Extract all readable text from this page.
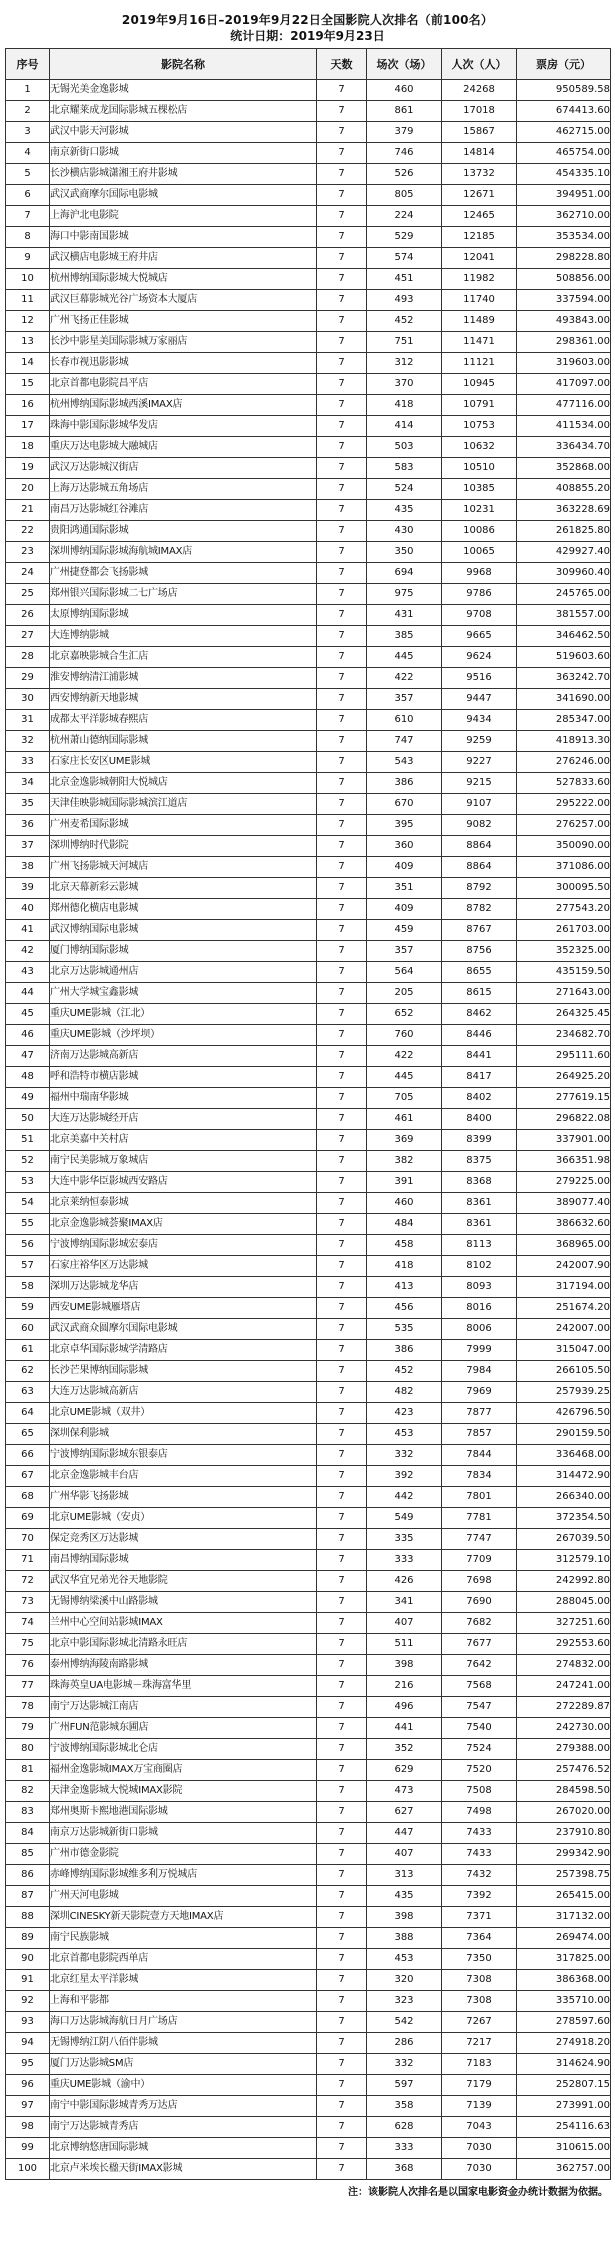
2019年9月16日–2019年9月22日全国影院人次排名（前100名）
统计日期：2019年9月23日
序号	影院名称	天数	场次（场）	人次（人）	票房（元）
1	无锡光美金逸影城	7	460	24268	950589.58
2	北京耀莱成龙国际影城五棵松店	7	861	17018	674413.60
3	武汉中影天河影城	7	379	15867	462715.00
4	南京新街口影城	7	746	14814	465754.00
5	长沙横店影城潇湘王府井影城	7	526	13732	454335.10
6	武汉武商摩尔国际电影城	7	805	12671	394951.00
7	上海沪北电影院	7	224	12465	362710.00
8	海口中影南国影城	7	529	12185	353534.00
9	武汉横店电影城王府井店	7	574	12041	298228.80
10	杭州博纳国际影城大悦城店	7	451	11982	508856.00
11	武汉巨幕影城光谷广场资本大厦店	7	493	11740	337594.00
12	广州飞扬正佳影城	7	452	11489	493843.00
13	长沙中影星美国际影城万家丽店	7	751	11471	298361.00
14	长春市视迅影影城	7	312	11121	319603.00
15	北京首都电影院昌平店	7	370	10945	417097.00
16	杭州博纳国际影城西溪IMAX店	7	418	10791	477116.00
17	珠海中影国际影城华发店	7	414	10753	411534.00
18	重庆万达电影城大融城店	7	503	10632	336434.70
19	武汉万达影城汉街店	7	583	10510	352868.00
20	上海万达影城五角场店	7	524	10385	408855.20
21	南昌万达影城红谷滩店	7	435	10231	363228.69
22	贵阳鸿通国际影城	7	430	10086	261825.80
23	深圳博纳国际影城海航城IMAX店	7	350	10065	429927.40
24	广州捷登都会飞扬影城	7	694	9968	309960.40
25	郑州银兴国际影城二七广场店	7	975	9786	245765.00
26	太原博纳国际影城	7	431	9708	381557.00
27	大连博纳影城	7	385	9665	346462.50
28	北京嘉映影城合生汇店	7	445	9624	519603.60
29	淮安博纳清江浦影城	7	422	9516	363242.70
30	西安博纳新天地影城	7	357	9447	341690.00
31	成都太平洋影城春熙店	7	610	9434	285347.00
32	杭州萧山德纳国际影城	7	747	9259	418913.30
33	石家庄长安区UME影城	7	543	9227	276246.00
34	北京金逸影城朝阳大悦城店	7	386	9215	527833.60
35	天津佳映影城国际影城滨江道店	7	670	9107	295222.00
36	广州麦希国际影城	7	395	9082	276257.00
37	深圳博纳时代影院	7	360	8864	350090.00
38	广州飞扬影城天河城店	7	409	8864	371086.00
39	北京天幕新彩云影城	7	351	8792	300095.50
40	郑州德化横店电影城	7	409	8782	277543.20
41	武汉博纳国际电影城	7	459	8767	261703.00
42	厦门博纳国际影城	7	357	8756	352325.00
43	北京万达影城通州店	7	564	8655	435159.50
44	广州大学城宝鑫影城	7	205	8615	271643.00
45	重庆UME影城（江北）	7	652	8462	264325.45
46	重庆UME影城（沙坪坝）	7	760	8446	234682.70
47	济南万达影城高新店	7	422	8441	295111.60
48	呼和浩特市横店影城	7	445	8417	264925.20
49	福州中瑞南华影城	7	705	8402	277619.15
50	大连万达影城经开店	7	461	8400	296822.08
51	北京美嘉中关村店	7	369	8399	337901.00
52	南宁民美影城万象城店	7	382	8375	366351.98
53	大连中影华臣影城西安路店	7	391	8368	279225.00
54	北京莱纳恒泰影城	7	460	8361	389077.40
55	北京金逸影城荟聚IMAX店	7	484	8361	386632.60
56	宁波博纳国际影城宏泰店	7	458	8113	368965.00
57	石家庄裕华区万达影城	7	418	8102	242007.90
58	深圳万达影城龙华店	7	413	8093	317194.00
59	西安UME影城雁塔店	7	456	8016	251674.20
60	武汉武商众圆摩尔国际电影城	7	535	8006	242007.00
61	北京卓华国际影城学清路店	7	386	7999	315047.00
62	长沙芒果博纳国际影城	7	452	7984	266105.50
63	大连万达影城高新店	7	482	7969	257939.25
64	北京UME影城（双井）	7	423	7877	426796.50
65	深圳保利影城	7	453	7857	290159.50
66	宁波博纳国际影城东银泰店	7	332	7844	336468.00
67	北京金逸影城丰台店	7	392	7834	314472.90
68	广州华影飞扬影城	7	442	7801	266340.00
69	北京UME影城（安贞）	7	549	7781	372354.50
70	保定竞秀区万达影城	7	335	7747	267039.50
71	南昌博纳国际影城	7	333	7709	312579.10
72	武汉华宜兄弟光谷天地影院	7	426	7698	242992.80
73	无锡博纳梁溪中山路影城	7	341	7690	288045.00
74	兰州中心空间站影城IMAX	7	407	7682	327251.60
75	北京中影国际影城北清路永旺店	7	511	7677	292553.60
76	泰州博纳海陵南路影城	7	398	7642	274832.00
77	珠海英皇UA电影城－珠海富华里	7	216	7568	247241.00
78	南宁万达影城江南店	7	496	7547	272289.87
79	广州FUN范影城东圃店	7	441	7540	242730.00
80	宁波博纳国际影城北仑店	7	352	7524	279388.00
81	福州金逸影城IMAX万宝商圈店	7	629	7520	257476.52
82	天津金逸影城大悦城IMAX影院	7	473	7508	284598.50
83	郑州奥斯卡熙地港国际影城	7	627	7498	267020.00
84	南京万达影城新街口影城	7	447	7433	237910.80
85	广州市德金影院	7	407	7433	299342.90
86	赤峰博纳国际影城维多利万悦城店	7	313	7432	257398.75
87	广州天河电影城	7	435	7392	265415.00
88	深圳CINESKY新天影院壹方天地IMAX店	7	398	7371	317132.00
89	南宁民族影城	7	388	7364	269474.00
90	北京首都电影院西单店	7	453	7350	317825.00
91	北京红星太平洋影城	7	320	7308	386368.00
92	上海和平影都	7	323	7308	335710.00
93	海口万达影城海航日月广场店	7	542	7267	278597.60
94	无锡博纳江阴八佰伴影城	7	286	7217	274918.20
95	厦门万达影城SM店	7	332	7183	314624.90
96	重庆UME影城（渝中）	7	597	7179	252807.15
97	南宁中影国际影城青秀万达店	7	358	7139	273991.00
98	南宁万达影城青秀店	7	628	7043	254116.63
99	北京博纳悠唐国际影城	7	333	7030	310615.00
100	北京卢米埃长楹天街IMAX影城	7	368	7030	362757.00
注：该影院人次排名是以国家电影资金办统计数据为依据。
